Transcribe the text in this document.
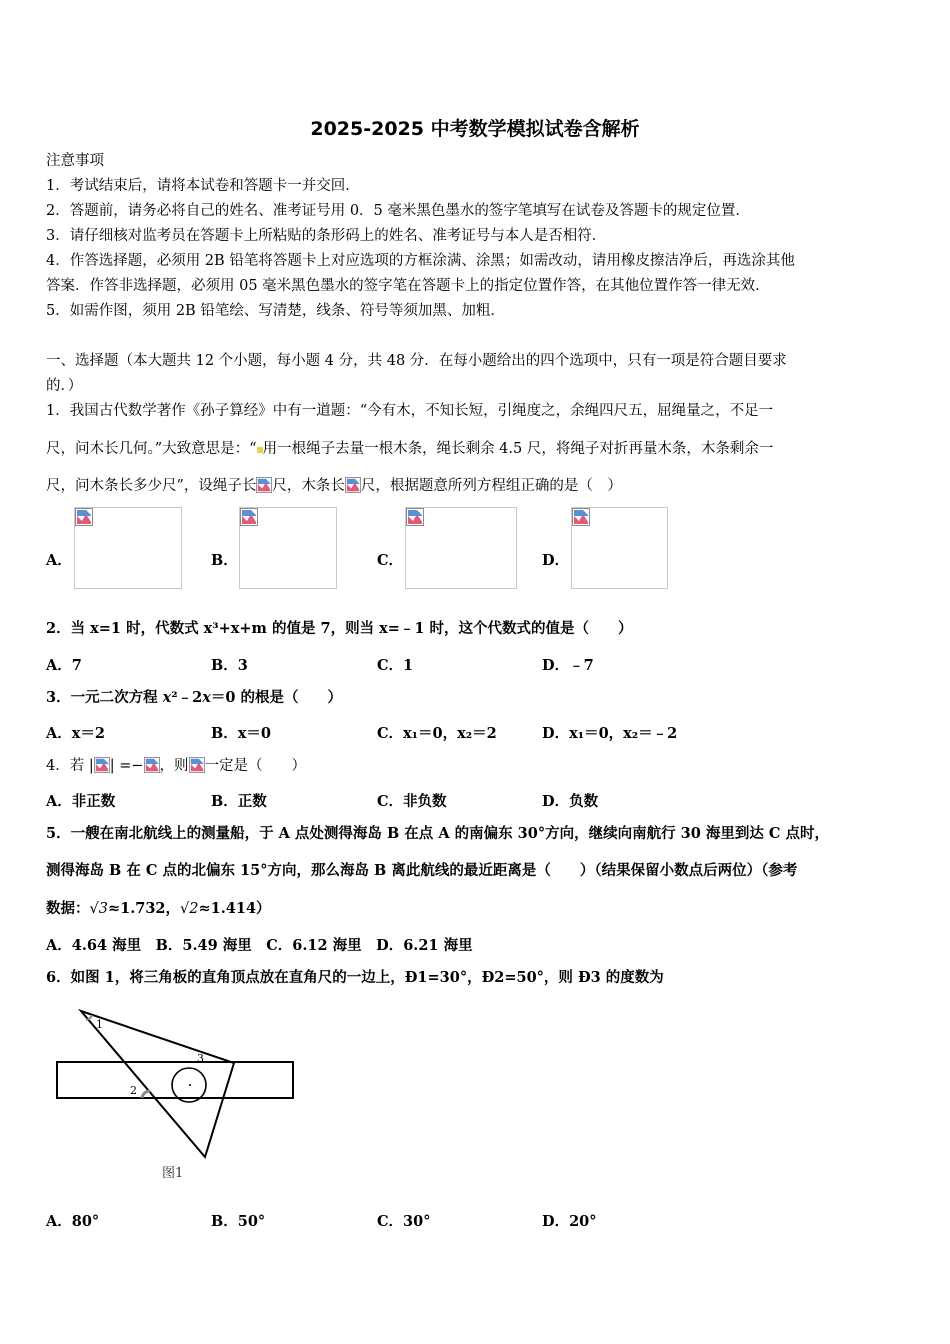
2025-2025 中考数学模拟试卷含解析
注意事项
1．考试结束后，请将本试卷和答题卡一并交回．
2．答题前，请务必将自己的姓名、准考证号用 0．5 毫米黑色墨水的签字笔填写在试卷及答题卡的规定位置．
3．请仔细核对监考员在答题卡上所粘贴的条形码上的姓名、准考证号与本人是否相符．
4．作答选择题，必须用 2B 铅笔将答题卡上对应选项的方框涂满、涂黑；如需改动，请用橡皮擦洁净后，再选涂其他
答案．作答非选择题，必须用 05 毫米黑色墨水的签字笔在答题卡上的指定位置作答，在其他位置作答一律无效．
5．如需作图，须用 2B 铅笔绘、写清楚，线条、符号等须加黑、加粗．
一、选择题（本大题共 12 个小题，每小题 4 分，共 48 分．在每小题给出的四个选项中，只有一项是符合题目要求
的．）
1．我国古代数学著作《孙子算经》中有一道题：“今有木，不知长短，引绳度之，余绳四尺五，屈绳量之，不足一
尺，问木长几何。”大致意思是：“ 用一根绳子去量一根木条，绳长剩余 4.5 尺，将绳子对折再量木条，木条剩余一
尺，问木条长多少尺”，设绳子长 尺，木条长 尺，根据题意所列方程组正确的是（　）
A．	B．	C．	D．
2．当 x=1 时，代数式 x³+x+m 的值是 7，则当 x=﹣1 时，这个代数式的值是（　　）
A．7	B．3	C．1	D．﹣7
3．一元二次方程 x²﹣2x＝0 的根是（　　）
A．x＝2	B．x＝0	C．x₁＝0，x₂＝2	D．x₁＝0，x₂＝﹣2
4．若 | | =− ，则 一定是（　　）
A．非正数	B．正数	C．非负数	D．负数
5．一艘在南北航线上的测量船，于 A 点处测得海岛 B 在点 A 的南偏东 30°方向，继续向南航行 30 海里到达 C 点时，
测得海岛 B 在 C 点的北偏东 15°方向，那么海岛 B 离此航线的最近距离是（　　）（结果保留小数点后两位）（参考
数据：√3≈1.732，√2≈1.414）
A．4.64 海里　B．5.49 海里　C．6.12 海里　D．6.21 海里
6．如图 1，将三角板的直角顶点放在直角尺的一边上，Ð1=30°，Ð2=50°，则 Ð3 的度数为
1
2
3
图1
A．80°	B．50°	C．30°	D．20°
